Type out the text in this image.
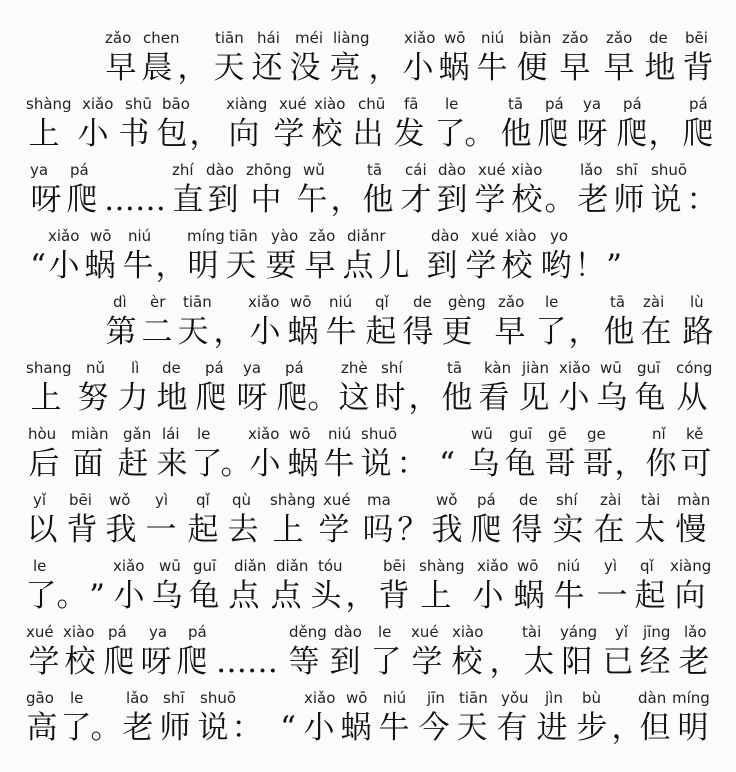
zǎo chen tiān hái méi liàng xiǎo wō niú biàn zǎo zǎo de bēi
早 晨 ， 天 还 没 亮 ， 小 蜗 牛 便 早 早 地 背
shàng xiǎo shū bāo xiàng xué xiào chū fā le	tā pá ya pá	pá
上 小 书 包 ， 向 学 校 出 发 了 。 他 爬 呀 爬 ， 爬
ya pá	zhí dào zhōng wǔ	tā cái dào xué xiào	lǎo shī shuō
呀 爬 …… 直 到 中 午 ， 他 才 到 学 校 。 老 师 说 ：
xiǎo wō niú míng tiān yào zǎo diǎnr	dào xué xiào yo
“ 小 蜗 牛 ， 明 天 要 早 点 儿 到 学 校 哟 ！ ”
dì èr tiān xiǎo wō niú qǐ de gèng zǎo le	tā zài lù
第 二 天 ， 小 蜗 牛 起 得 更 早 了 ， 他 在 路
shang nǔ lì de pá ya pá zhè shí	tā kàn jiàn xiǎo wū guī cóng
上 努 力 地 爬 呀 爬 。 这 时 ， 他 看 见 小 乌 龟 从
hòu miàn gǎn lái le	xiǎo wō niú shuō	wū guī gē ge	nǐ kě
后 面 赶 来 了
。
小 蜗 牛 说 ： “ 乌 龟 哥 哥 ， 你 可
yǐ bēi wǒ yì qǐ qù shàng xué ma	wǒ pá de shí zài tài màn
以 背 我 一 起 去 上 学 吗 ？ 我 爬 得 实 在 太 慢
le	xiǎo wū guī diǎn diǎn tóu	bēi shàng xiǎo wō niú yì qǐ xiàng
了 。 ” 小 乌 龟 点 点 头 ， 背 上 小 蜗 牛 一 起 向
xué xiào pá ya pá	děng dào le xué xiào	tài yáng yǐ jīng lǎo
学 校 爬 呀 爬 …… 等 到 了 学 校 ， 太 阳 已 经 老
gāo le	lǎo shī shuō	xiǎo wō niú jīn tiān yǒu jìn bù dàn míng
高 了 。 老 师 说 ： “ 小 蜗 牛 今 天 有 进 步 ，
但 明
